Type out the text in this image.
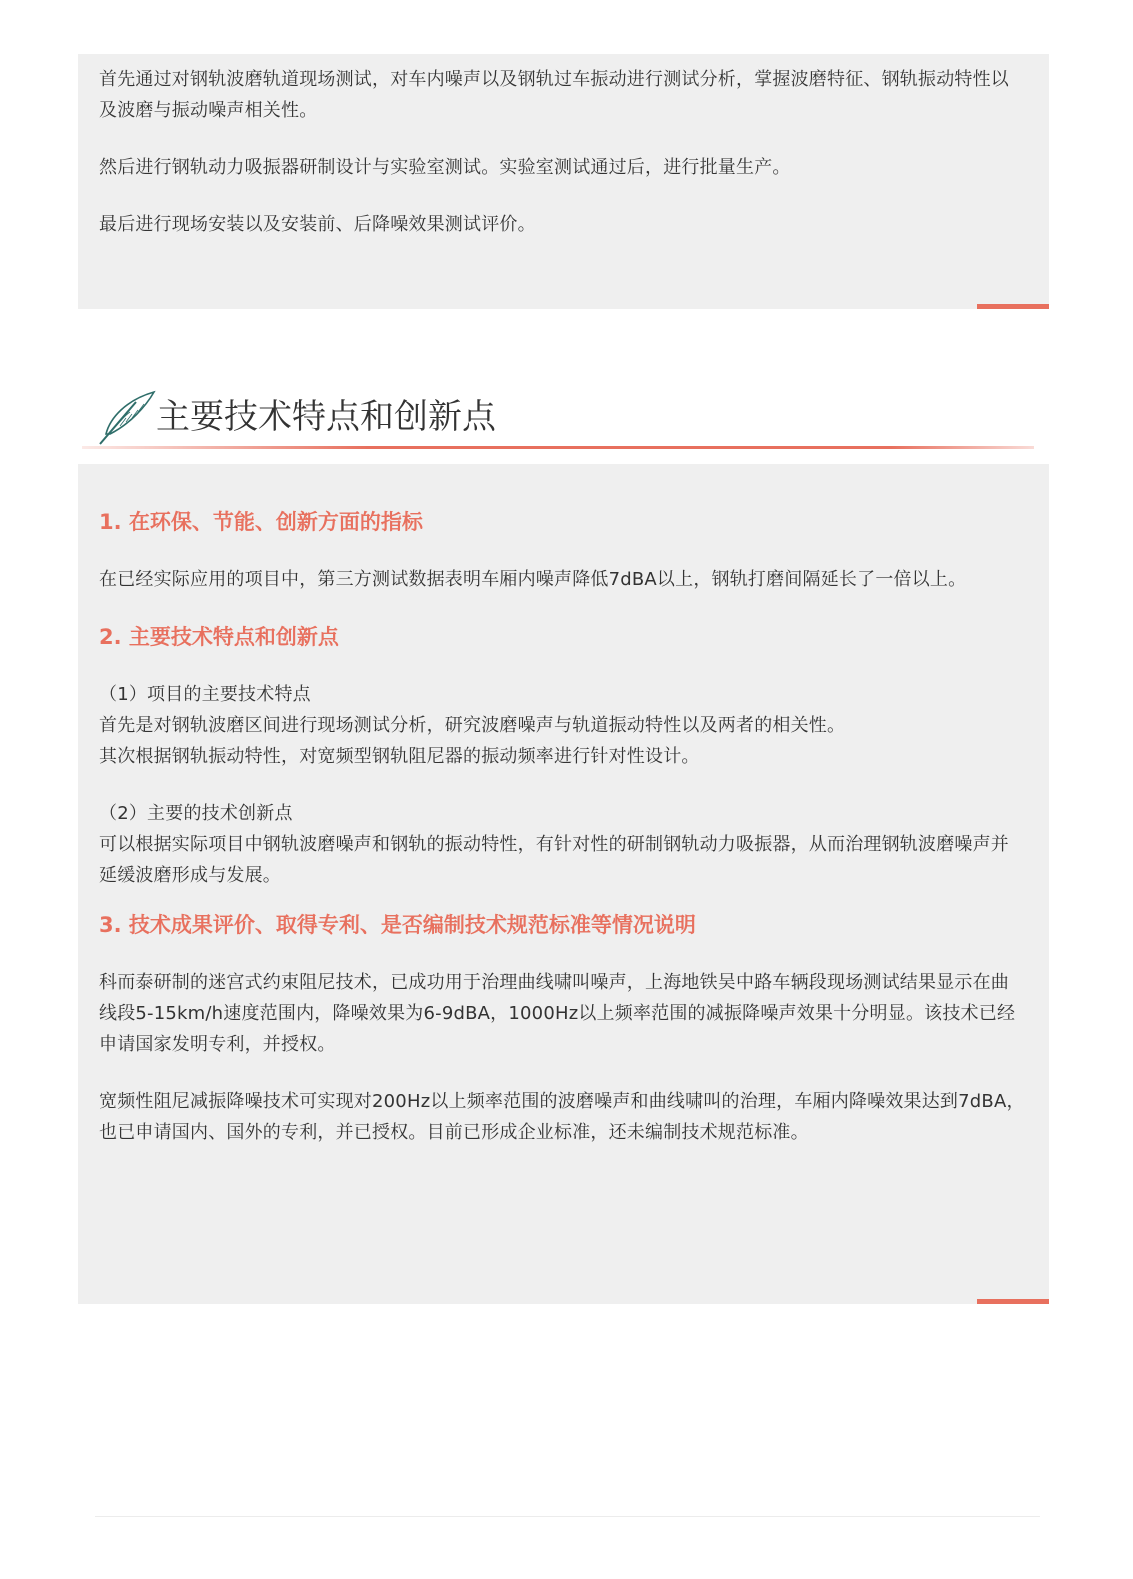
首先通过对钢轨波磨轨道现场测试，对车内噪声以及钢轨过车振动进行测试分析，掌握波磨特征、钢轨振动特性以及波磨与振动噪声相关性。

然后进行钢轨动力吸振器研制设计与实验室测试。实验室测试通过后，进行批量生产。

最后进行现场安装以及安装前、后降噪效果测试评价。

主要技术特点和创新点
1. 在环保、节能、创新方面的指标

在已经实际应用的项目中，第三方测试数据表明车厢内噪声降低7dBA以上，钢轨打磨间隔延长了一倍以上。

2. 主要技术特点和创新点

（1）项目的主要技术特点

首先是对钢轨波磨区间进行现场测试分析，研究波磨噪声与轨道振动特性以及两者的相关性。

其次根据钢轨振动特性，对宽频型钢轨阻尼器的振动频率进行针对性设计。

（2）主要的技术创新点

可以根据实际项目中钢轨波磨噪声和钢轨的振动特性，有针对性的研制钢轨动力吸振器，从而治理钢轨波磨噪声并延缓波磨形成与发展。

3. 技术成果评价、取得专利、是否编制技术规范标准等情况说明

科而泰研制的迷宫式约束阻尼技术，已成功用于治理曲线啸叫噪声，上海地铁吴中路车辆段现场测试结果显示在曲线段5-15km/h速度范围内，降噪效果为6-9dBA，1000Hz以上频率范围的减振降噪声效果十分明显。该技术已经申请国家发明专利，并授权。

宽频性阻尼减振降噪技术可实现对200Hz以上频率范围的波磨噪声和曲线啸叫的治理，车厢内降噪效果达到7dBA，也已申请国内、国外的专利，并已授权。目前已形成企业标准，还未编制技术规范标准。
